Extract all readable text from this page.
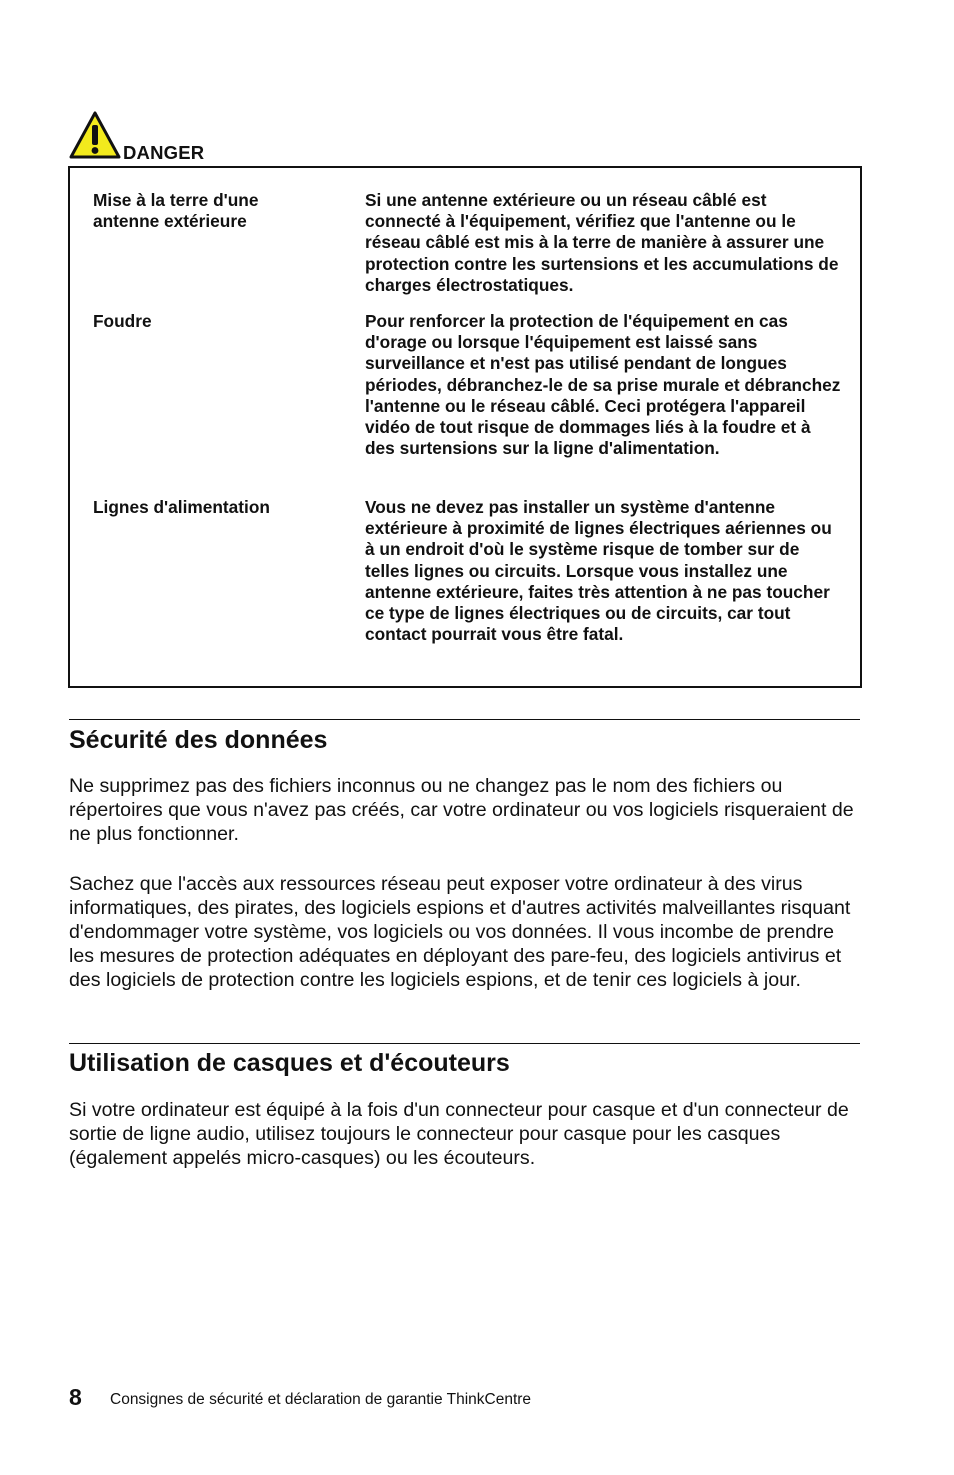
DANGER
Mise à la terre d'une antenne extérieure
Si une antenne extérieure ou un réseau câblé est connecté à l'équipement, vérifiez que l'antenne ou le réseau câblé est mis à la terre de manière à assurer une protection contre les surtensions et les accumulations de charges électrostatiques.
Foudre	Pour renforcer la protection de l'équipement en cas d'orage ou lorsque l'équipement est laissé sans surveillance et n'est pas utilisé pendant de longues périodes, débranchez-le de sa prise murale et débranchez l'antenne ou le réseau câblé. Ceci protégera l'appareil vidéo de tout risque de dommages liés à la foudre et à des surtensions sur la ligne d'alimentation.
Lignes d'alimentation	Vous ne devez pas installer un système d'antenne extérieure à proximité de lignes électriques aériennes ou à un endroit d'où le système risque de tomber sur de telles lignes ou circuits. Lorsque vous installez une antenne extérieure, faites très attention à ne pas toucher ce type de lignes électriques ou de circuits, car tout contact pourrait vous être fatal.
Sécurité des données
Ne supprimez pas des fichiers inconnus ou ne changez pas le nom des fichiers ou répertoires que vous n'avez pas créés, car votre ordinateur ou vos logiciels risqueraient de ne plus fonctionner.
Sachez que l'accès aux ressources réseau peut exposer votre ordinateur à des virus informatiques, des pirates, des logiciels espions et d'autres activités malveillantes risquant d'endommager votre système, vos logiciels ou vos données. Il vous incombe de prendre les mesures de protection adéquates en déployant des pare-feu, des logiciels antivirus et des logiciels de protection contre les logiciels espions, et de tenir ces logiciels à jour.
Utilisation de casques et d'écouteurs
Si votre ordinateur est équipé à la fois d'un connecteur pour casque et d'un connecteur de sortie de ligne audio, utilisez toujours le connecteur pour casque pour les casques (également appelés micro-casques) ou les écouteurs.
8 Consignes de sécurité et déclaration de garantie ThinkCentre
